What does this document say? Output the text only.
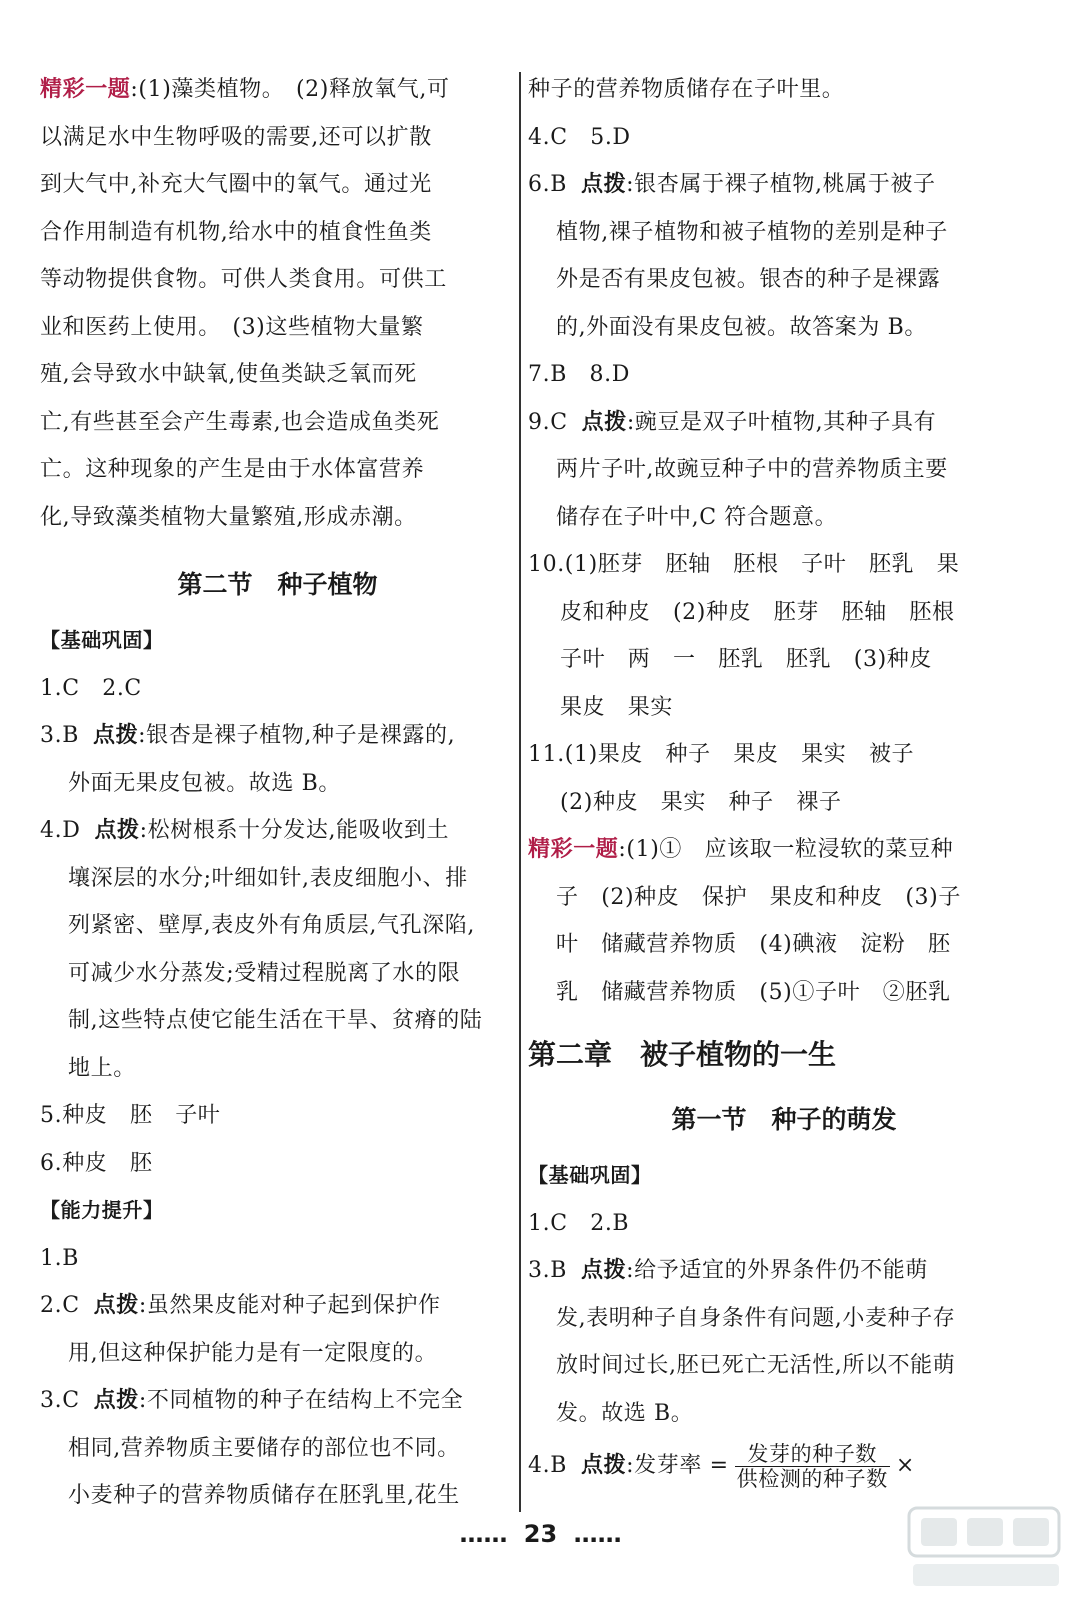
精彩一题:(1)藻类植物。　(2)释放氧气,可
以满足水中生物呼吸的需要,还可以扩散
到大气中,补充大气圈中的氧气。通过光
合作用制造有机物,给水中的植食性鱼类
等动物提供食物。可供人类食用。可供工
业和医药上使用。　(3)这些植物大量繁
殖,会导致水中缺氧,使鱼类缺乏氧而死
亡,有些甚至会产生毒素,也会造成鱼类死
亡。这种现象的产生是由于水体富营养
化,导致藻类植物大量繁殖,形成赤潮。
第二节　种子植物
【基础巩固】
1.C　2.C
3.B 点拨:银杏是裸子植物,种子是裸露的,
外面无果皮包被。故选 B。
4.D 点拨:松树根系十分发达,能吸收到土
壤深层的水分;叶细如针,表皮细胞小、排
列紧密、壁厚,表皮外有角质层,气孔深陷,
可减少水分蒸发;受精过程脱离了水的限
制,这些特点使它能生活在干旱、贫瘠的陆
地上。
5.种皮　胚　子叶
6.种皮　胚
【能力提升】
1.B
2.C 点拨:虽然果皮能对种子起到保护作
用,但这种保护能力是有一定限度的。
3.C 点拨:不同植物的种子在结构上不完全
相同,营养物质主要储存的部位也不同。
小麦种子的营养物质储存在胚乳里,花生
种子的营养物质储存在子叶里。
4.C　5.D
6.B 点拨:银杏属于裸子植物,桃属于被子
植物,裸子植物和被子植物的差别是种子
外是否有果皮包被。银杏的种子是裸露
的,外面没有果皮包被。故答案为 B。
7.B　8.D
9.C 点拨:豌豆是双子叶植物,其种子具有
两片子叶,故豌豆种子中的营养物质主要
储存在子叶中,C 符合题意。
10.(1)胚芽　胚轴　胚根　子叶　胚乳　果
皮和种皮　(2)种皮　胚芽　胚轴　胚根
子叶　两　一　胚乳　胚乳　(3)种皮
果皮　果实
11.(1)果皮　种子　果皮　果实　被子
(2)种皮　果实　种子　裸子
精彩一题:(1)①　应该取一粒浸软的菜豆种
子　(2)种皮　保护　果皮和种皮　(3)子
叶　储藏营养物质　(4)碘液　淀粉　胚
乳　储藏营养物质　(5)①子叶　②胚乳
第二章　被子植物的一生
第一节　种子的萌发
【基础巩固】
1.C　2.B
3.B 点拨:给予适宜的外界条件仍不能萌
发,表明种子自身条件有问题,小麦种子存
放时间过长,胚已死亡无活性,所以不能萌
发。故选 B。
4.B 点拨:发芽率 = $\frac{\text{发芽的种子数}}{\text{供检测的种子数}}$ ×
…… 23 ……
